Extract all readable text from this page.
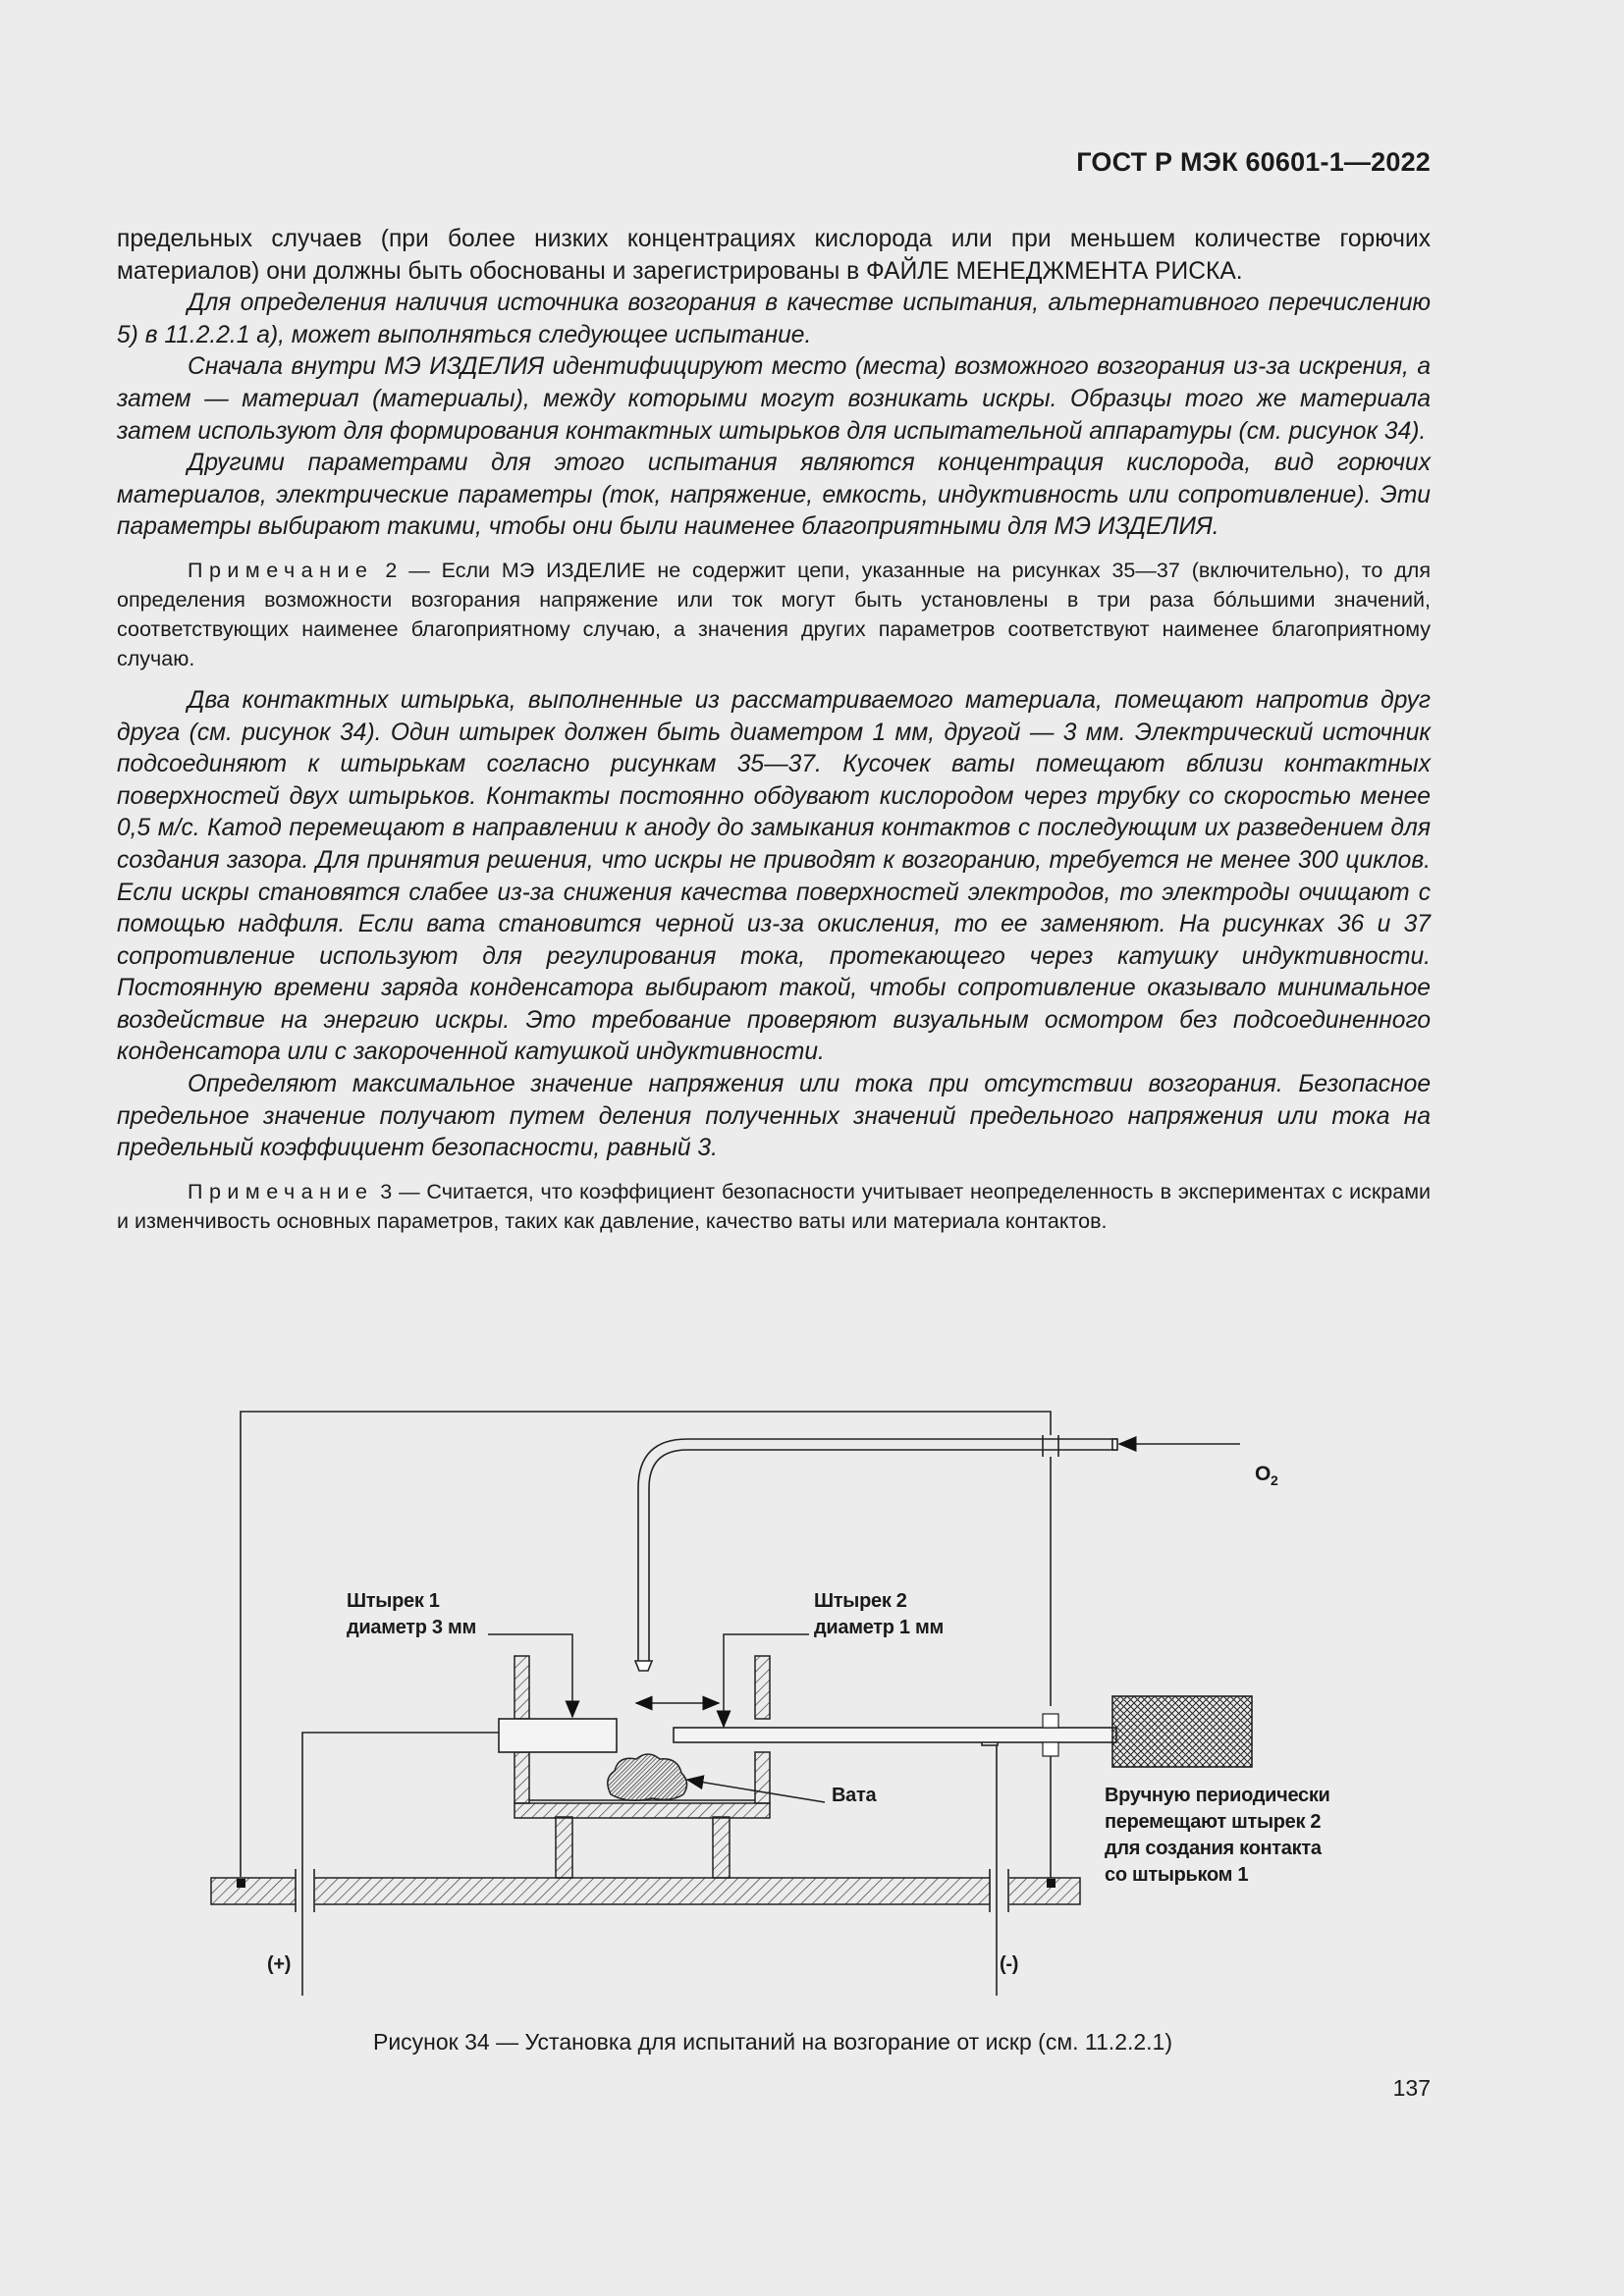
ГОСТ Р МЭК 60601-1—2022

предельных случаев (при более низких концентрациях кислорода или при меньшем количестве горючих материалов) они должны быть обоснованы и зарегистрированы в ФАЙЛЕ МЕНЕДЖМЕНТА РИСКА.

Для определения наличия источника возгорания в качестве испытания, альтернативного перечислению 5) в 11.2.2.1 a), может выполняться следующее испытание.

Сначала внутри МЭ ИЗДЕЛИЯ идентифицируют место (места) возможного возгорания из-за искрения, а затем — материал (материалы), между которыми могут возникать искры. Образцы того же материала затем используют для формирования контактных штырьков для испытательной аппаратуры (см. рисунок 34).

Другими параметрами для этого испытания являются концентрация кислорода, вид горючих материалов, электрические параметры (ток, напряжение, емкость, индуктивность или сопротивление). Эти параметры выбирают такими, чтобы они были наименее благоприятными для МЭ ИЗДЕЛИЯ.

Примечание 2 — Если МЭ ИЗДЕЛИЕ не содержит цепи, указанные на рисунках 35—37 (включительно), то для определения возможности возгорания напряжение или ток могут быть установлены в три раза бóльшими значений, соответствующих наименее благоприятному случаю, а значения других параметров соответствуют наименее благоприятному случаю.

Два контактных штырька, выполненные из рассматриваемого материала, помещают напротив друг друга (см. рисунок 34). Один штырек должен быть диаметром 1 мм, другой — 3 мм. Электрический источник подсоединяют к штырькам согласно рисункам 35—37. Кусочек ваты помещают вблизи контактных поверхностей двух штырьков. Контакты постоянно обдувают кислородом через трубку со скоростью менее 0,5 м/с. Катод перемещают в направлении к аноду до замыкания контактов с последующим их разведением для создания зазора. Для принятия решения, что искры не приводят к возгоранию, требуется не менее 300 циклов. Если искры становятся слабее из-за снижения качества поверхностей электродов, то электроды очищают с помощью надфиля. Если вата становится черной из-за окисления, то ее заменяют. На рисунках 36 и 37 сопротивление используют для регулирования тока, протекающего через катушку индуктивности. Постоянную времени заряда конденсатора выбирают такой, чтобы сопротивление оказывало минимальное воздействие на энергию искры. Это требование проверяют визуальным осмотром без подсоединенного конденсатора или с закороченной катушкой индуктивности.

Определяют максимальное значение напряжения или тока при отсутствии возгорания. Безопасное предельное значение получают путем деления полученных значений предельного напряжения или тока на предельный коэффициент безопасности, равный 3.

Примечание 3 — Считается, что коэффициент безопасности учитывает неопределенность в экспериментах с искрами и изменчивость основных параметров, таких как давление, качество ваты или материала контактов.

$O_2$
Штырек 1
диаметр 3 мм
Штырек 2
диаметр 1 мм
Вата	Вручную периодически
перемещают штырек 2
для создания контакта
со штырьком 1
(+)	(-)
Рисунок 34 — Установка для испытаний на возгорание от искр (см. 11.2.2.1)
137
